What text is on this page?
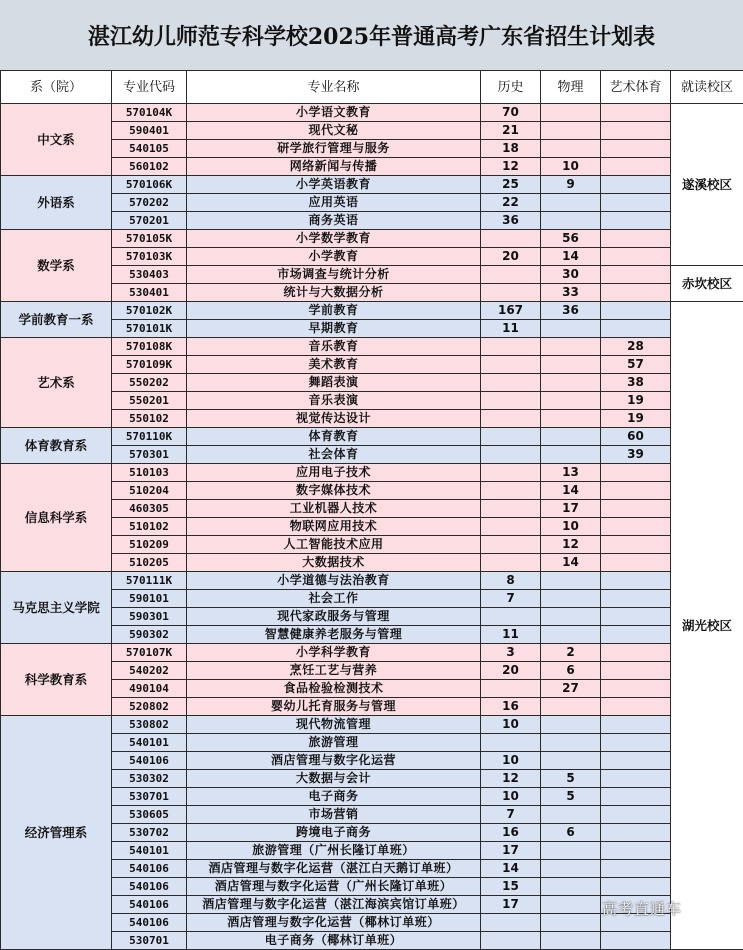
湛江幼儿师范专科学校2025年普通高考广东省招生计划表
系（院）	专业代码	专业名称	历史	物理	艺术体育	就读校区
中文系	570104K	小学语文教育	70			遂溪校区
	590401	现代文秘	21			
	540105	研学旅行管理与服务	18			
	560102	网络新闻与传播	12	10		
外语系	570106K	小学英语教育	25	9		
	570202	应用英语	22			
	570201	商务英语	36			
数学系	570105K	小学数学教育		56		
	570103K	小学教育	20	14		
	530403	市场调查与统计分析		30		赤坎校区
	530401	统计与大数据分析		33		
学前教育一系	570102K	学前教育	167	36		湖光校区
	570101K	早期教育	11			
艺术系	570108K	音乐教育			28	
	570109K	美术教育			57	
	550202	舞蹈表演			38	
	550201	音乐表演			19	
	550102	视觉传达设计			19	
体育教育系	570110K	体育教育			60	
	570301	社会体育			39	
信息科学系	510103	应用电子技术		13		
	510204	数字媒体技术		14		
	460305	工业机器人技术		17		
	510102	物联网应用技术		10		
	510209	人工智能技术应用		12		
	510205	大数据技术		14		
马克思主义学院	570111K	小学道德与法治教育	8			
	590101	社会工作	7			
	590301	现代家政服务与管理				
	590302	智慧健康养老服务与管理	11			
科学教育系	570107K	小学科学教育	3	2		
	540202	烹饪工艺与营养	20	6		
	490104	食品检验检测技术		27		
	520802	婴幼儿托育服务与管理	16			
经济管理系	530802	现代物流管理	10			
	540101	旅游管理				
	540106	酒店管理与数字化运营	10			
	530302	大数据与会计	12	5		
	530701	电子商务	10	5		
	530605	市场营销	7			
	530702	跨境电子商务	16	6		
	540101	旅游管理（广州长隆订单班）	17			
	540106	酒店管理与数字化运营（湛江白天鹅订单班）	14			
	540106	酒店管理与数字化运营（广州长隆订单班）	15			
	540106	酒店管理与数字化运营（湛江海滨宾馆订单班）	17			
	540106	酒店管理与数字化运营（椰林订单班）				
	530701	电子商务（椰林订单班）				
高考直通车
